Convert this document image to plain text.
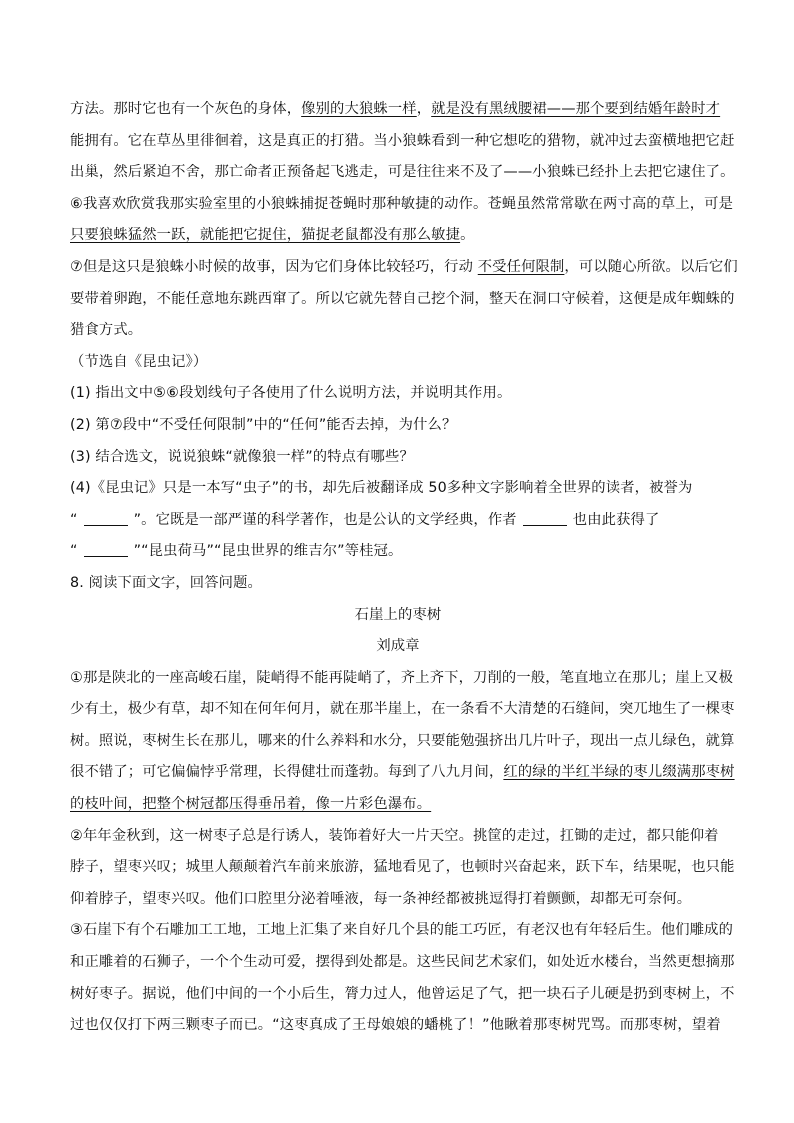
方法。那时它也有一个灰色的身体，像别的大狼蛛一样，就是没有黑绒腰裙——那个要到结婚年龄时才
能拥有。它在草丛里徘徊着，这是真正的打猎。当小狼蛛看到一种它想吃的猎物，就冲过去蛮横地把它赶
出巢，然后紧迫不舍，那亡命者正预备起飞逃走，可是往往来不及了——小狼蛛已经扑上去把它逮住了。
⑥我喜欢欣赏我那实验室里的小狼蛛捕捉苍蝇时那种敏捷的动作。苍蝇虽然常常歇在两寸高的草上，可是
只要狼蛛猛然一跃，就能把它捉住，猫捉老鼠都没有那么敏捷。
⑦但是这只是狼蛛小时候的故事，因为它们身体比较轻巧，行动 不受任何限制，可以随心所欲。以后它们
要带着卵跑，不能任意地东跳西窜了。所以它就先替自己挖个洞，整天在洞口守候着，这便是成年蜘蛛的
猎食方式。
（节选自《昆虫记》）
(1) 指出文中⑤⑥段划线句子各使用了什么说明方法，并说明其作用。
(2) 第⑦段中“不受任何限制”中的“任何”能否去掉，为什么？
(3) 结合选文，说说狼蛛“就像狼一样”的特点有哪些？
(4)《昆虫记》只是一本写“虫子”的书，却先后被翻译成 50多种文字影响着全世界的读者，被誉为
“	”。它既是一部严谨的科学著作，也是公认的文学经典，作者	也由此获得了
“	”“昆虫荷马”“昆虫世界的维吉尔”等桂冠。
8. 阅读下面文字，回答问题。
石崖上的枣树
刘成章
①那是陕北的一座高峻石崖，陡峭得不能再陡峭了，齐上齐下，刀削的一般，笔直地立在那儿；崖上又极
少有土，极少有草，却不知在何年何月，就在那半崖上，在一条看不大清楚的石缝间，突兀地生了一棵枣
树。照说，枣树生长在那儿，哪来的什么养料和水分，只要能勉强挤出几片叶子，现出一点儿绿色，就算
很不错了；可它偏偏悖乎常理，长得健壮而蓬勃。每到了八九月间，红的绿的半红半绿的枣儿缀满那枣树
的枝叶间，把整个树冠都压得垂吊着，像一片彩色瀑布。
②年年金秋到，这一树枣子总是行诱人，装饰着好大一片天空。挑筐的走过，扛锄的走过，都只能仰着
脖子，望枣兴叹；城里人颠颠着汽车前来旅游，猛地看见了，也顿时兴奋起来，跃下车，结果呢，也只能
仰着脖子，望枣兴叹。他们口腔里分泌着唾液，每一条神经都被挑逗得打着颤颤，却都无可奈何。
③石崖下有个石雕加工工地，工地上汇集了来自好几个县的能工巧匠，有老汉也有年轻后生。他们雕成的
和正雕着的石狮子，一个个生动可爱，摆得到处都是。这些民间艺术家们，如处近水楼台，当然更想摘那
树好枣子。据说，他们中间的一个小后生，膂力过人，他曾运足了气，把一块石子儿硬是扔到枣树上，不
过也仅仅打下两三颗枣子而已。“这枣真成了王母娘娘的蟠桃了！”他瞅着那枣树咒骂。而那枣树，望着
